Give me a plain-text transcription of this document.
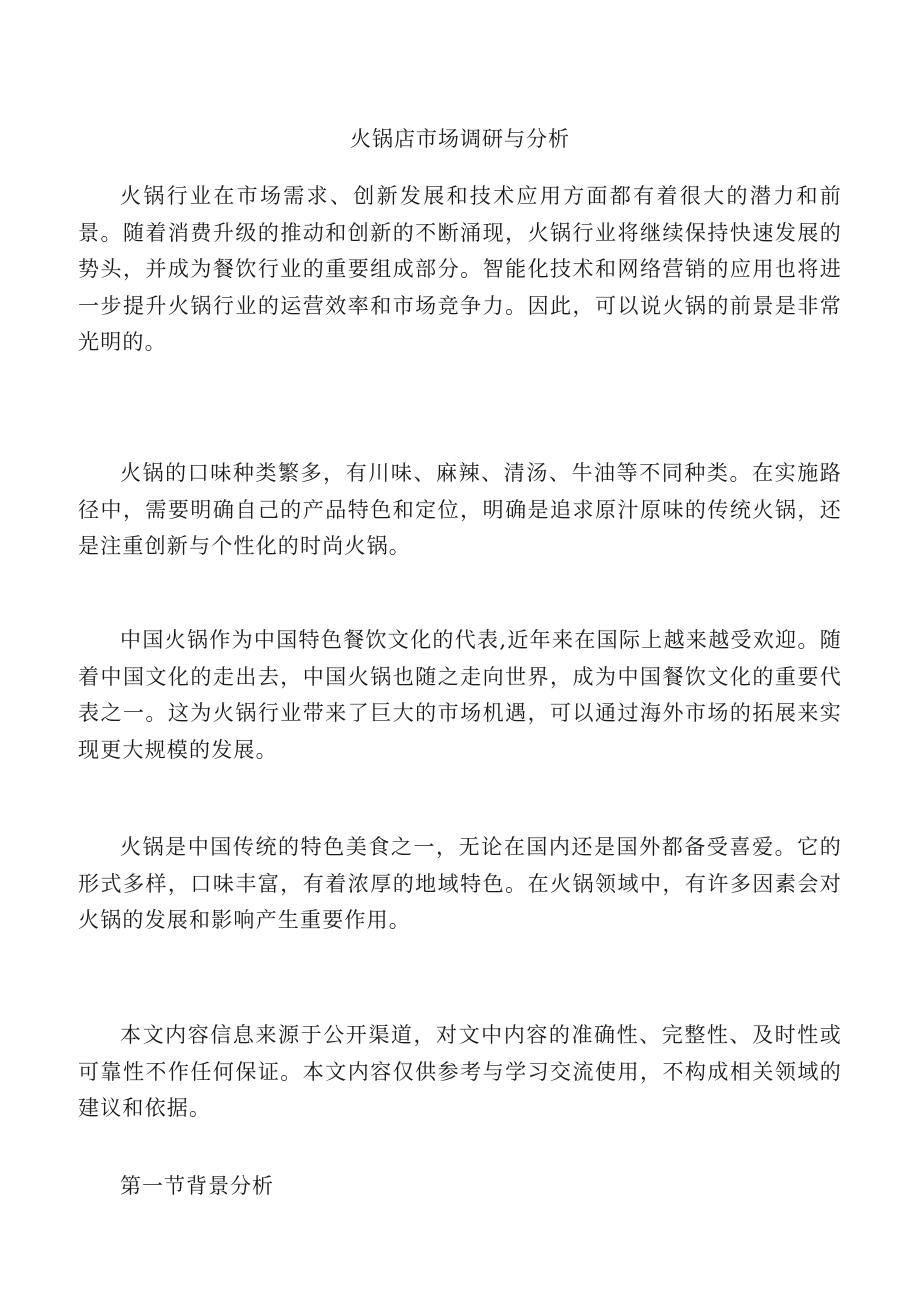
火锅店市场调研与分析

火锅行业在市场需求、创新发展和技术应用方面都有着很大的潜力和前景。随着消费升级的推动和创新的不断涌现，火锅行业将继续保持快速发展的势头，并成为餐饮行业的重要组成部分。智能化技术和网络营销的应用也将进一步提升火锅行业的运营效率和市场竞争力。因此，可以说火锅的前景是非常光明的。

火锅的口味种类繁多，有川味、麻辣、清汤、牛油等不同种类。在实施路径中，需要明确自己的产品特色和定位，明确是追求原汁原味的传统火锅，还是注重创新与个性化的时尚火锅。

中国火锅作为中国特色餐饮文化的代表,近年来在国际上越来越受欢迎。随着中国文化的走出去，中国火锅也随之走向世界，成为中国餐饮文化的重要代表之一。这为火锅行业带来了巨大的市场机遇，可以通过海外市场的拓展来实现更大规模的发展。

火锅是中国传统的特色美食之一，无论在国内还是国外都备受喜爱。它的形式多样，口味丰富，有着浓厚的地域特色。在火锅领域中，有许多因素会对火锅的发展和影响产生重要作用。

本文内容信息来源于公开渠道，对文中内容的准确性、完整性、及时性或可靠性不作任何保证。本文内容仅供参考与学习交流使用，不构成相关领域的建议和依据。

第一节背景分析
